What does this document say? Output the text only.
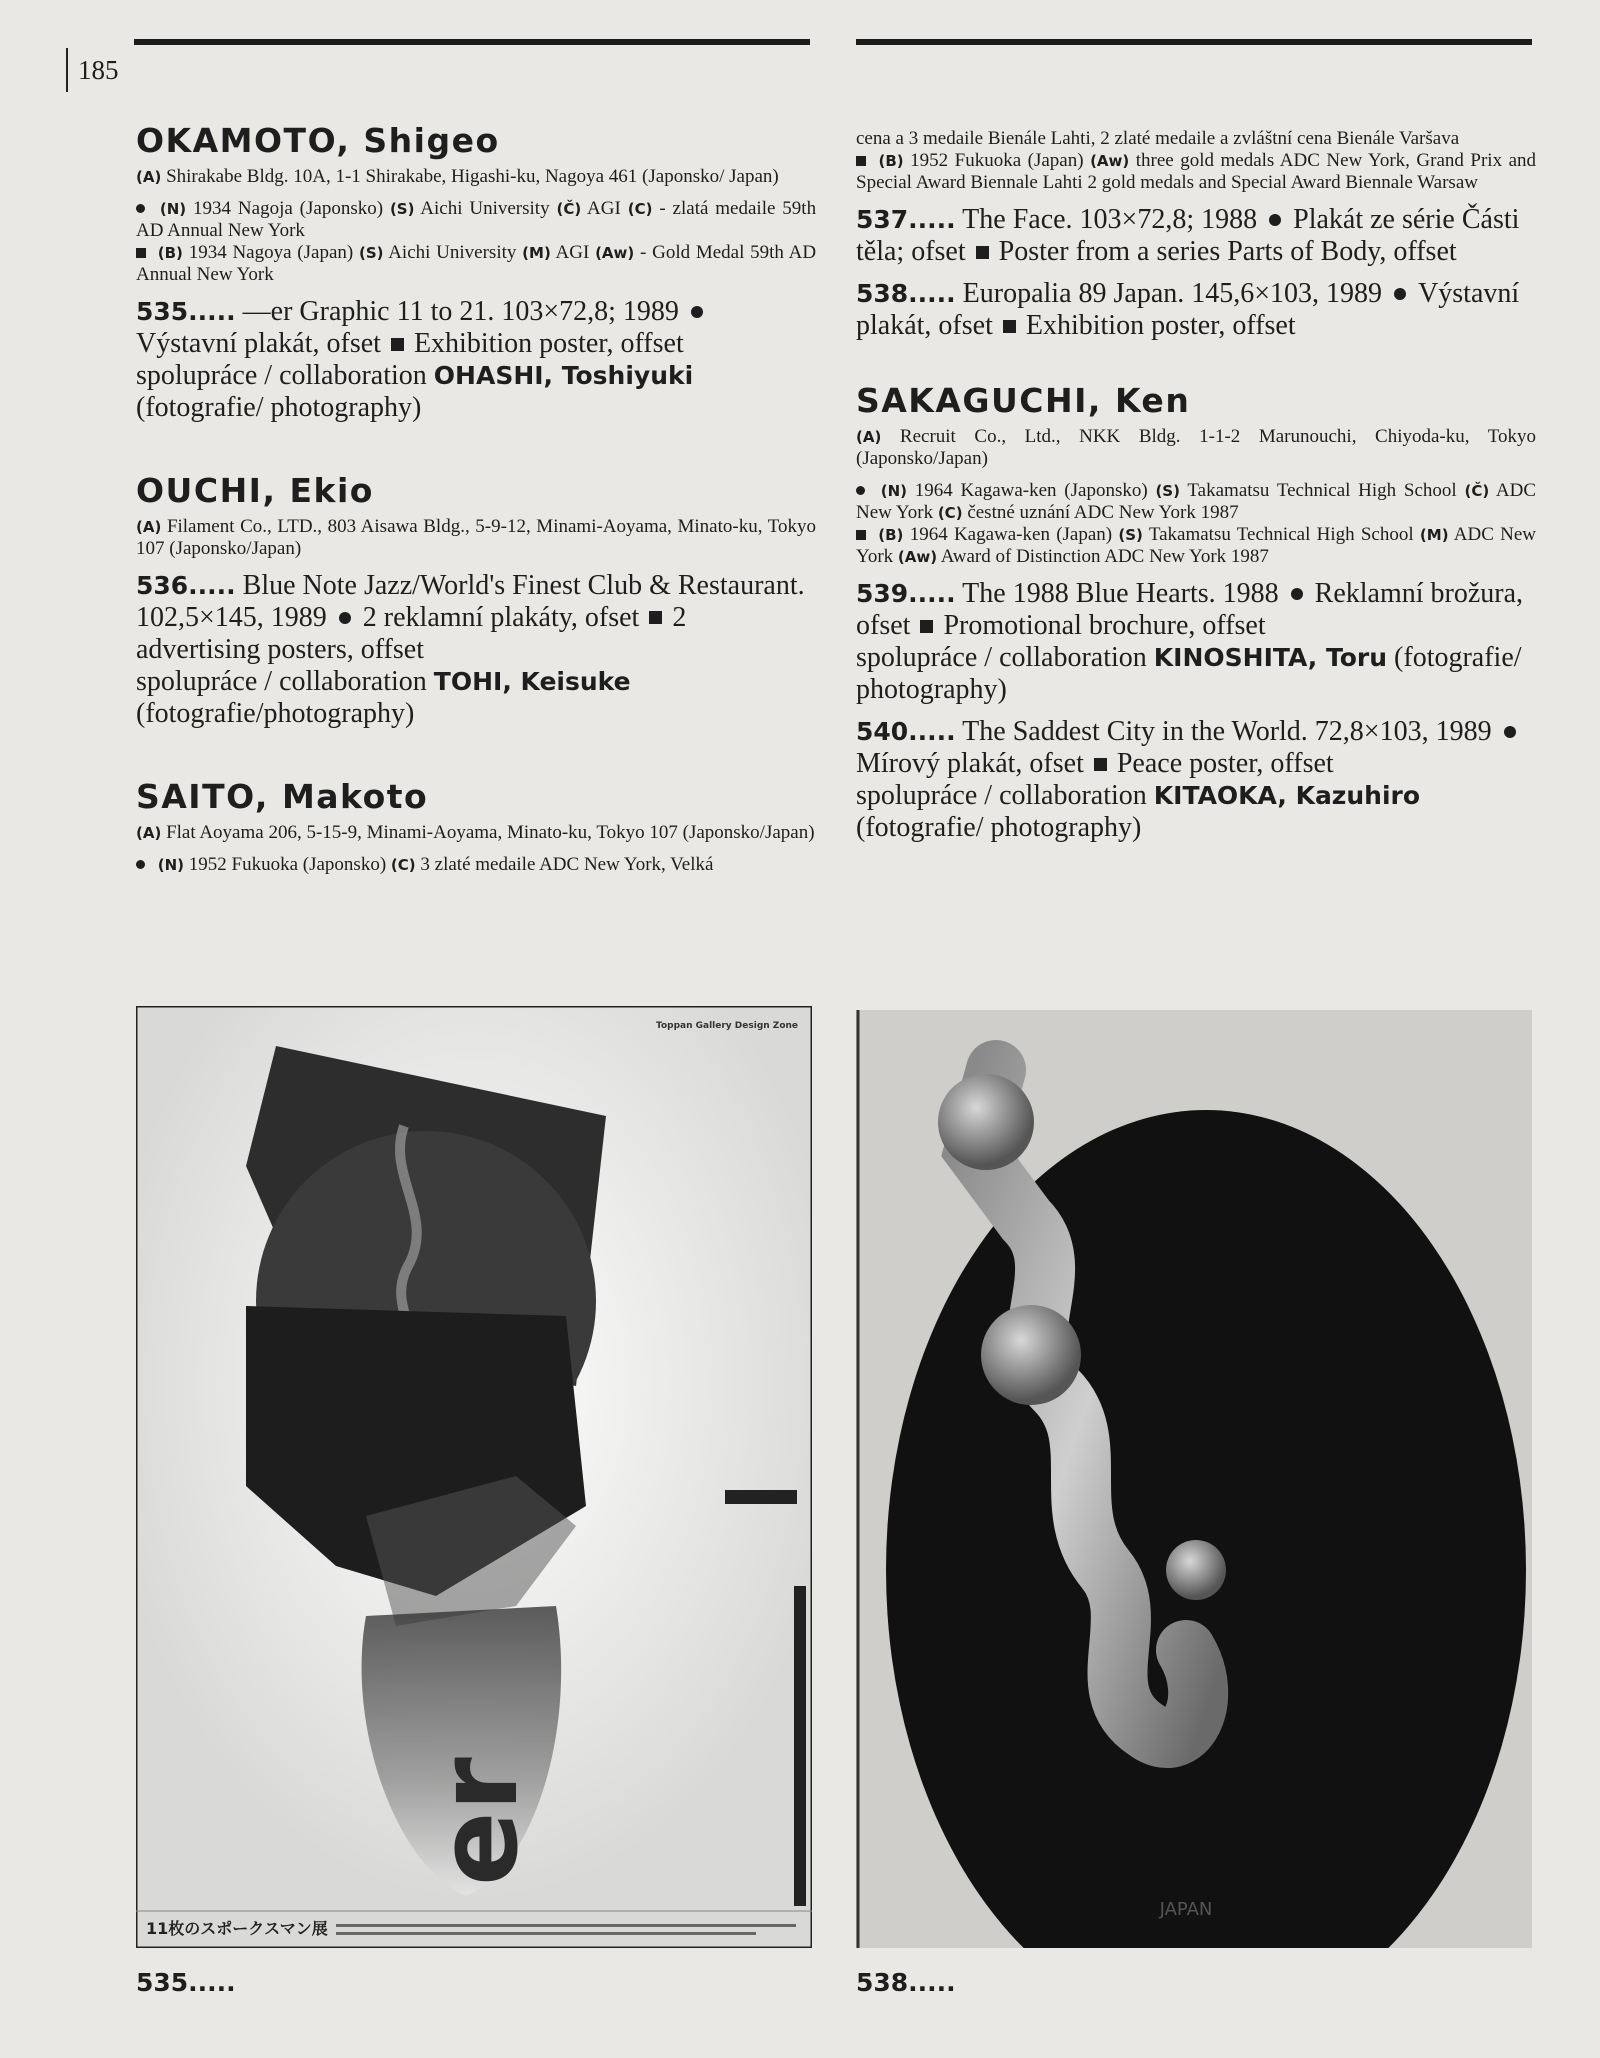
185
OKAMOTO, Shigeo

(A) Shirakabe Bldg. 10A, 1-1 Shirakabe, Higashi-ku, Nagoya 461 (Japonsko/ Japan)

(N) 1934 Nagoja (Japonsko) (S) Aichi University (Č) AGI (C) - zlatá medaile 59th AD Annual New York

(B) 1934 Nagoya (Japan) (S) Aichi University (M) AGI (Aw) - Gold Medal 59th AD Annual New York

535..... —er Graphic 11 to 21. 103×72,8; 1989Výstavní plakát, ofset Exhibition poster, offset
spolupráce / collaboration OHASHI, Toshiyuki (fotografie/ photography)

OUCHI, Ekio

(A) Filament Co., LTD., 803 Aisawa Bldg., 5-9-12, Minami-Aoyama, Minato-ku, Tokyo 107 (Japonsko/Japan)

536..... Blue Note Jazz/World's Finest Club & Restaurant. 102,5×145, 1989 2 reklamní plakáty, ofset 2 advertising posters, offset
spolupráce / collaboration TOHI, Keisuke (fotografie/photography)

SAITO, Makoto

(A) Flat Aoyama 206, 5-15-9, Minami-Aoyama, Minato-ku, Tokyo 107 (Japonsko/Japan)

(N) 1952 Fukuoka (Japonsko) (C) 3 zlaté medaile ADC New York, Velká

cena a 3 medaile Bienále Lahti, 2 zlaté medaile a zvláštní cena Bienále Varšava

(B) 1952 Fukuoka (Japan) (Aw) three gold medals ADC New York, Grand Prix and Special Award Biennale Lahti 2 gold medals and Special Award Biennale Warsaw

537..... The Face. 103×72,8; 1988 Plakát ze série Části těla; ofset Poster from a series Parts of Body, offset

538..... Europalia 89 Japan. 145,6×103, 1989 Výstavní plakát, ofset Exhibition poster, offset

SAKAGUCHI, Ken

(A) Recruit Co., Ltd., NKK Bldg. 1-1-2 Marunouchi, Chiyoda-ku, Tokyo (Japonsko/Japan)

(N) 1964 Kagawa-ken (Japonsko) (S) Takamatsu Technical High School (Č) ADC New York (C) čestné uznání ADC New York 1987

(B) 1964 Kagawa-ken (Japan) (S) Takamatsu Technical High School (M) ADC New York (Aw) Award of Distinction ADC New York 1987

539..... The 1988 Blue Hearts. 1988 Reklamní brožura, ofset Promotional brochure, offset
spolupráce / collaboration KINOSHITA, Toru (fotografie/ photography)

540..... The Saddest City in the World. 72,8×103, 1989Mírový plakát, ofset Peace poster, offset
spolupráce / collaboration KITAOKA, Kazuhiro (fotografie/ photography)

er
Toppan Gallery Design Zone
11枚のスポークスマン展
535.....
JAPAN
538.....
